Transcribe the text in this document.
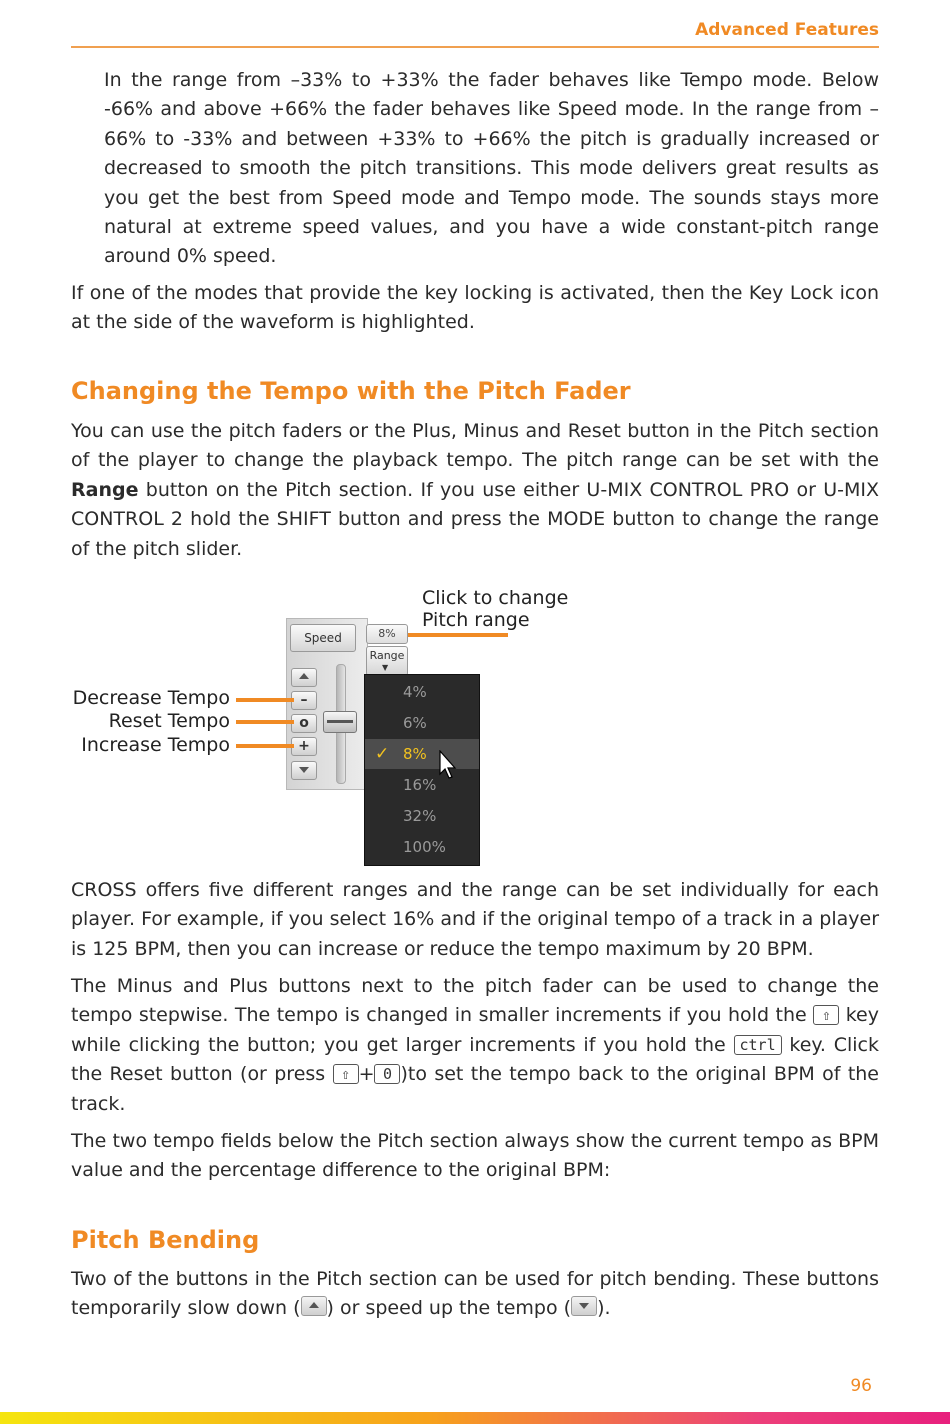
Advanced Features

In the range from –33% to +33% the fader behaves like Tempo mode. Below -66% and above +66% the fader behaves like Speed mode. In the range from –66% to -33% and between +33% to +66% the pitch is gradually increased or decreased to smooth the pitch transitions. This mode delivers great results as you get the best from Speed mode and Tempo mode. The sounds stays more natural at extreme speed values, and you have a wide constant-pitch range around 0% speed.

If one of the modes that provide the key locking is activated, then the Key Lock icon at the side of the waveform is highlighted.

Changing the Tempo with the Pitch Fader

You can use the pitch faders or the Plus, Minus and Reset button in the Pitch section of the player to change the playback tempo. The pitch range can be set with the Range button on the Pitch section. If you use either U-MIX CONTROL PRO or U-MIX CONTROL 2 hold the SHIFT button and press the MODE button to change the range of the pitch slider.

Click to change
Pitch range
Decrease Tempo
Reset Tempo
Increase Tempo
Speed	8%
Range
▼
–
o
+
4%
6%
✓ 8%
16%
32%
100%

CROSS offers five different ranges and the range can be set individually for each player. For example, if you select 16% and if the original tempo of a track in a player is 125 BPM, then you can increase or reduce the tempo maximum by 20 BPM.

The Minus and Plus buttons next to the pitch fader can be used to change the tempo stepwise. The tempo is changed in smaller increments if you hold the ⇧ key while clicking the button; you get larger increments if you hold the ctrl key. Click the Reset button (or press ⇧ + 0 )to set the tempo back to the original BPM of the track.

The two tempo fields below the Pitch section always show the current tempo as BPM value and the percentage difference to the original BPM:

Pitch Bending

Two of the buttons in the Pitch section can be used for pitch bending. These buttons temporarily slow down ( ) or speed up the tempo ( ).

96
